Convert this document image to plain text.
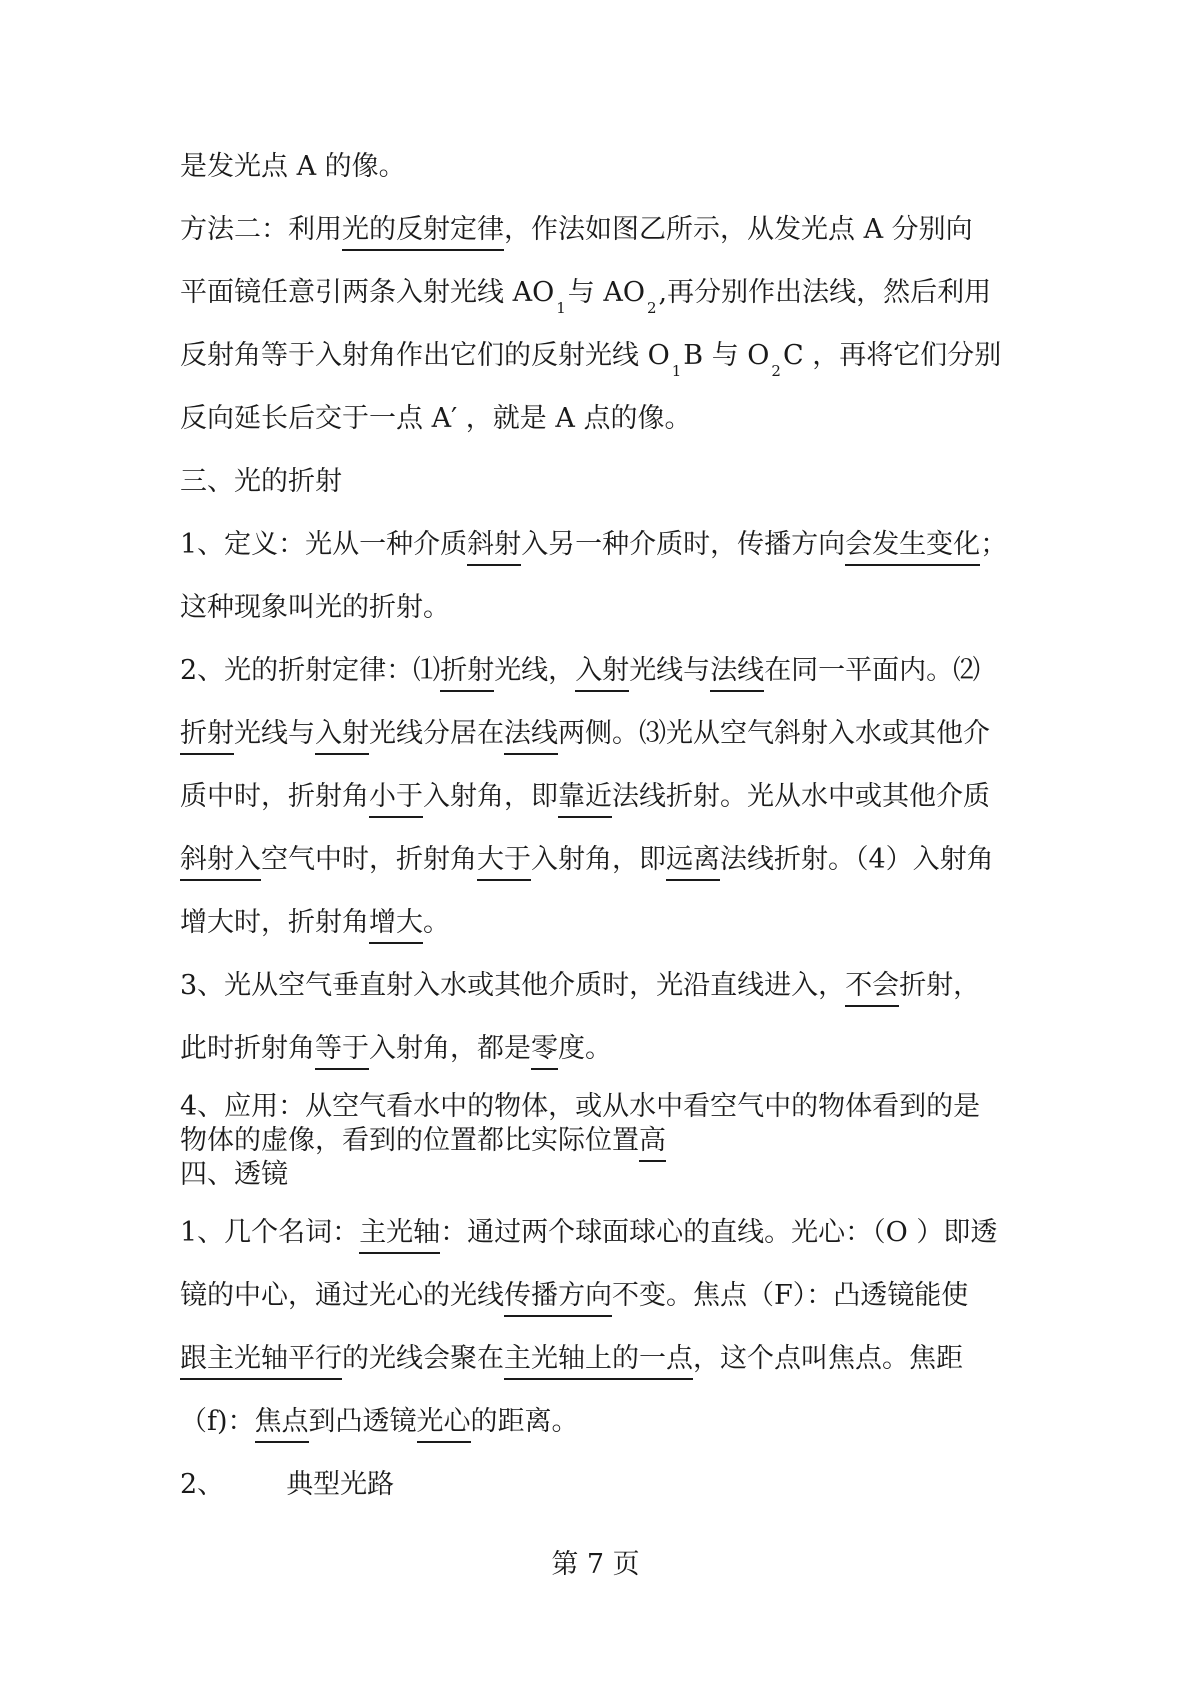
是发光点 A 的像。
方法二：利用光的反射定律，作法如图乙所示，从发光点 A 分别向
平面镜任意引两条入射光线 AO $_1$与 AO $_2$,再分别作出法线，然后利用
反射角等于入射角作出它们的反射光线 O $_1$B 与 O $_2$C ，再将它们分别
反向延长后交于一点 A′ ，就是 A 点的像。
三、光的折射
1、定义：光从一种介质斜射入另一种介质时，传播方向会发生变化；
这种现象叫光的折射。
2、光的折射定律：⑴折射光线，入射光线与法线在同一平面内。⑵
折射光线与入射光线分居在法线两侧。⑶光从空气斜射入水或其他介
质中时，折射角小于入射角，即靠近法线折射。光从水中或其他介质
斜射入空气中时，折射角大于入射角，即远离法线折射。（4）入射角
增大时，折射角增大。
3、光从空气垂直射入水或其他介质时，光沿直线进入，不会折射，
此时折射角等于入射角，都是零度。
4、应用：从空气看水中的物体，或从水中看空气中的物体看到的是
物体的虚像，看到的位置都比实际位置高
四、透镜
1、几个名词：主光轴：通过两个球面球心的直线。光心：（O ）即透
镜的中心，通过光心的光线传播方向不变。焦点（F）：凸透镜能使
跟主光轴平行的光线会聚在主光轴上的一点，这个点叫焦点。焦距
（f)：焦点到凸透镜光心的距离。
2、 典型光路
第 7 页
